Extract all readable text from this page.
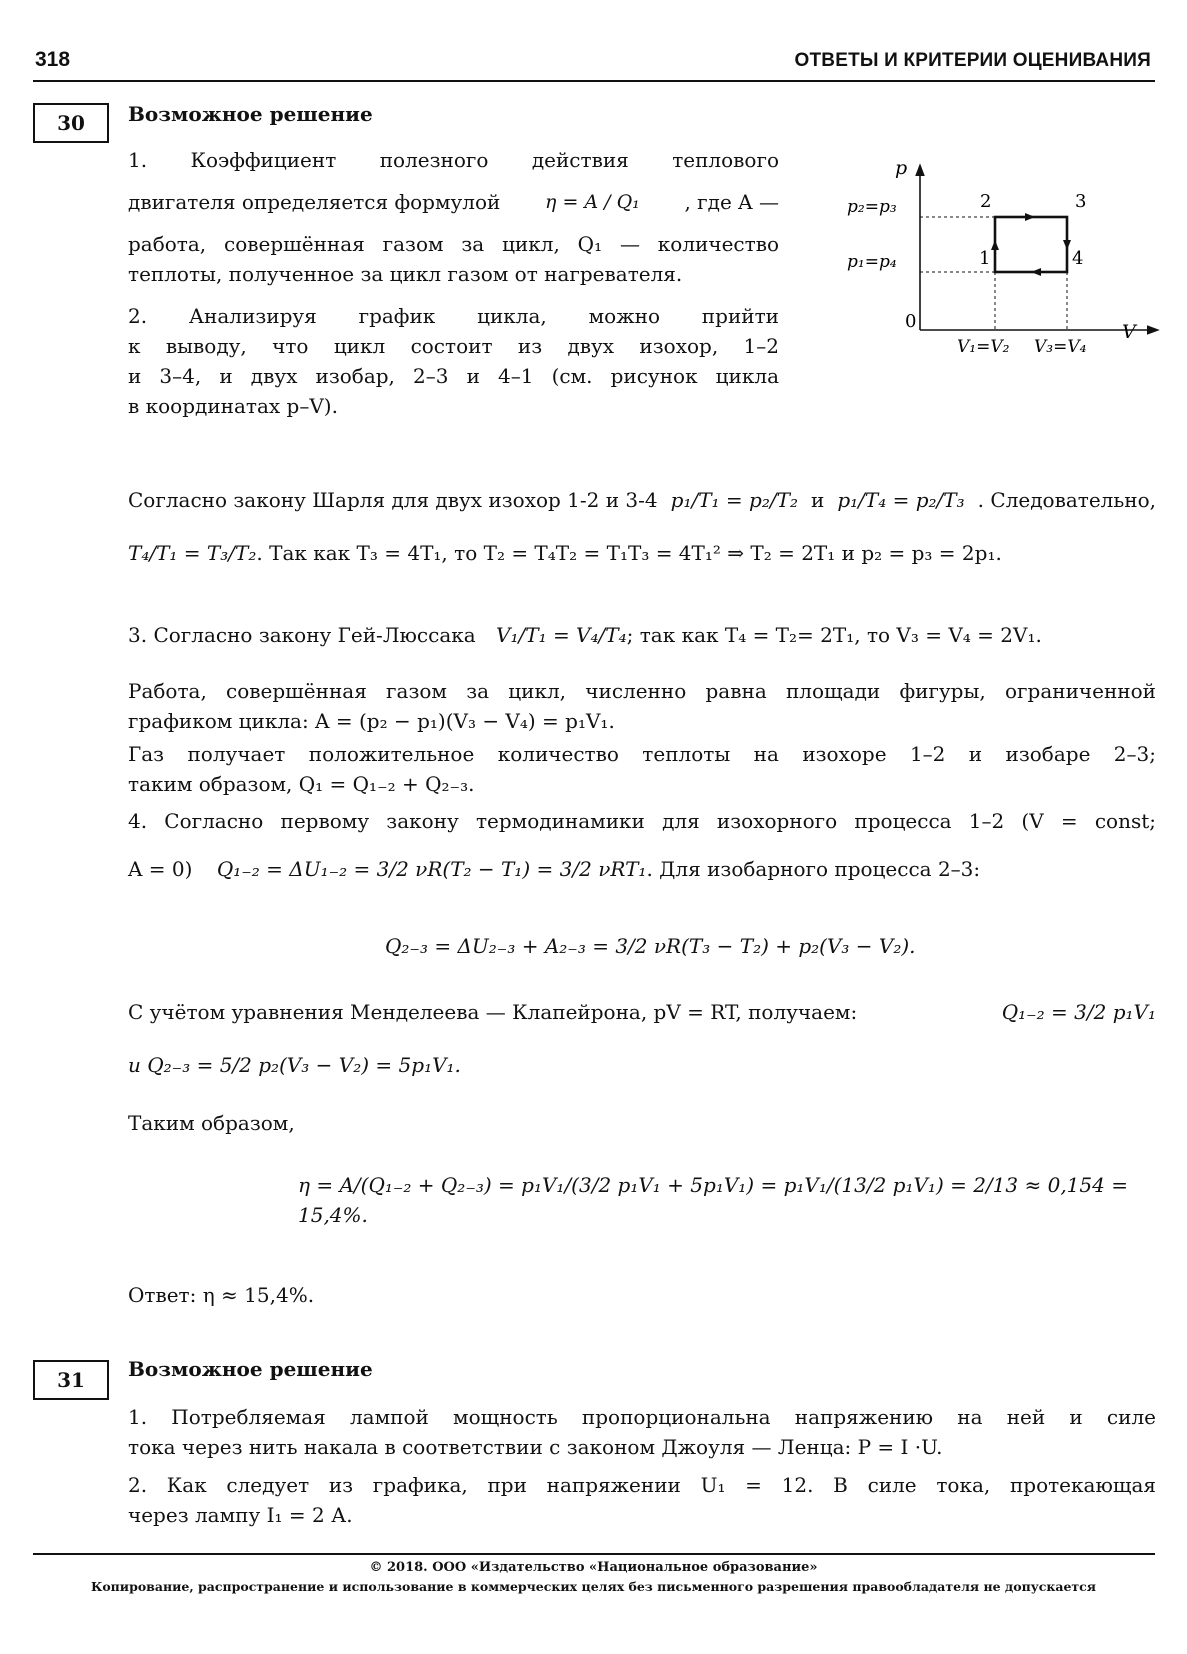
318	ОТВЕТЫ И КРИТЕРИИ ОЦЕНИВАНИЯ
30	Возможное решение
1. Коэффициент полезного действия теплового
двигателя определяется формулой η = A / Q₁ , где A —
работа, совершённая газом за цикл, Q₁ — количество
теплоты, полученное за цикл газом от нагревателя.
2. Анализируя график цикла, можно прийти
к выводу, что цикл состоит из двух изохор, 1–2
и 3–4, и двух изобар, 2–3 и 4–1 (см. рисунок цикла
в координатах p–V).
p
V
0
p₂=p₃
p₁=p₄
V₁=V₂ V₃=V₄
1
2	3
4
Согласно закону Шарля для двух изохор 1-2 и 3-4 p₁/T₁ = p₂/T₂ и p₁/T₄ = p₂/T₃ . Следовательно,
T₄/T₁ = T₃/T₂. Так как T₃ = 4T₁, то T₂ = T₄T₂ = T₁T₃ = 4T₁² ⇒ T₂ = 2T₁ и p₂ = p₃ = 2p₁.
3. Согласно закону Гей-Люссака V₁/T₁ = V₄/T₄; так как T₄ = T₂= 2T₁, то V₃ = V₄ = 2V₁.
Работа, совершённая газом за цикл, численно равна площади фигуры, ограниченной
графиком цикла: A = (p₂ − p₁)(V₃ − V₄) = p₁V₁.
Газ получает положительное количество теплоты на изохоре 1–2 и изобаре 2–3;
таким образом, Q₁ = Q₁₋₂ + Q₂₋₃.
4. Согласно первому закону термодинамики для изохорного процесса 1–2 (V = const;
A = 0) Q₁₋₂ = ΔU₁₋₂ = 3/2 νR(T₂ − T₁) = 3/2 νRT₁. Для изобарного процесса 2–3:
Q₂₋₃ = ΔU₂₋₃ + A₂₋₃ = 3/2 νR(T₃ − T₂) + p₂(V₃ − V₂).
С учётом уравнения Менделеева — Клапейрона, pV = RT, получаем:	Q₁₋₂ = 3/2 p₁V₁
и Q₂₋₃ = 5/2 p₂(V₃ − V₂) = 5p₁V₁.
Таким образом,
η = A/(Q₁₋₂ + Q₂₋₃) = p₁V₁/(3/2 p₁V₁ + 5p₁V₁) = p₁V₁/(13/2 p₁V₁) = 2/13 ≈ 0,154 = 15,4%.
Ответ: η ≈ 15,4%.
31	Возможное решение
1. Потребляемая лампой мощность пропорциональна напряжению на ней и силе
тока через нить накала в соответствии с законом Джоуля — Ленца: P = I ·U.
2. Как следует из графика, при напряжении U₁ = 12. В силе тока, протекающая
через лампу I₁ = 2 А.
© 2018. ООО «Издательство «Национальное образование»
Копирование, распространение и использование в коммерческих целях без письменного разрешения правообладателя не допускается
